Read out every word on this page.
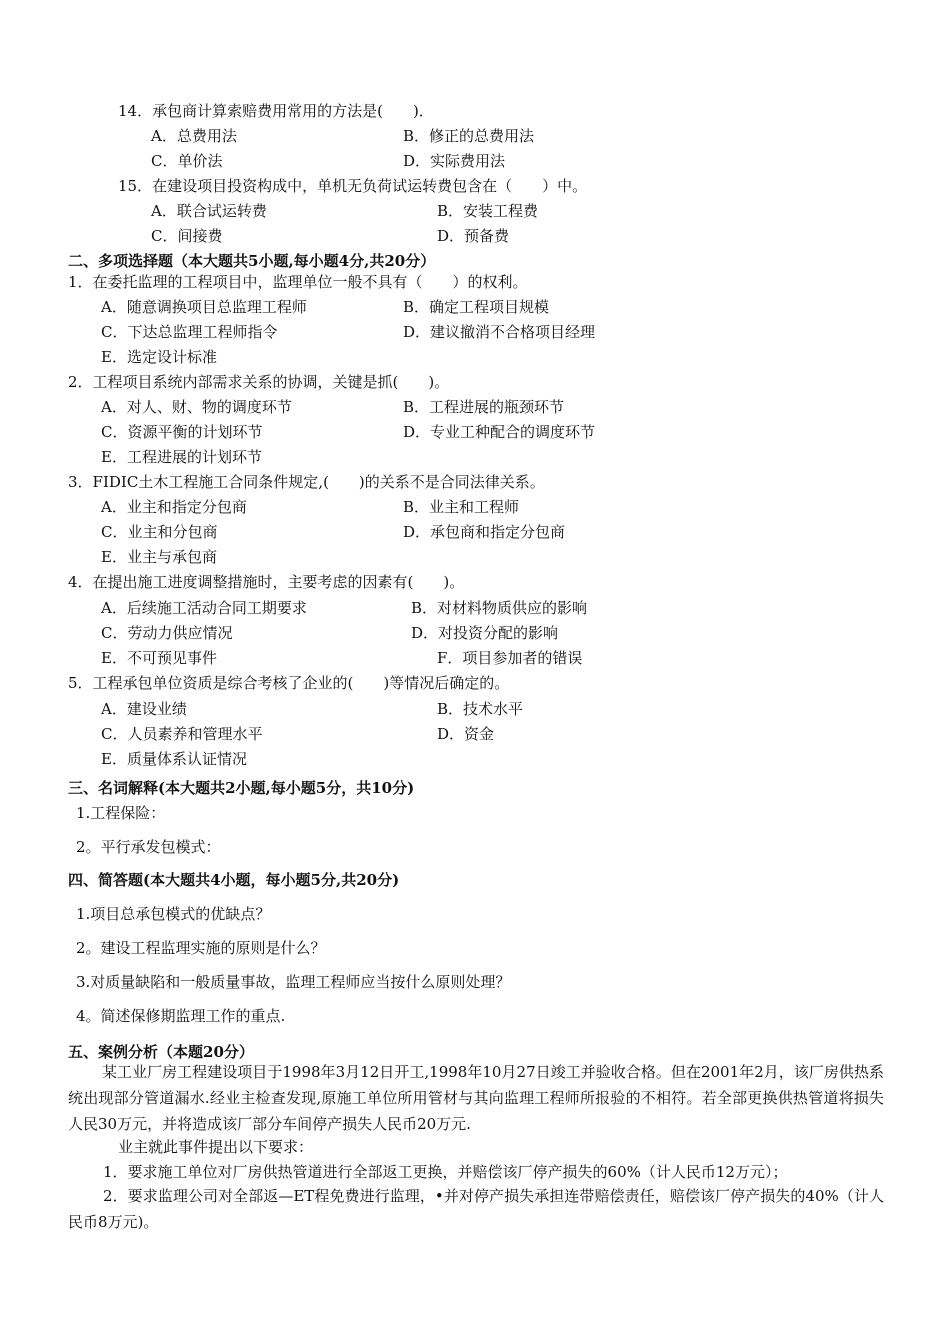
14．承包商计算索赔费用常用的方法是(　　)．
A．总费用法	B．修正的总费用法
C．单价法	D．实际费用法
15．在建设项目投资构成中，单机无负荷试运转费包含在（　　）中。
A．联合试运转费	B．安装工程费
C．间接费	D．预备费
二、多项选择题（本大题共5小题,每小题4分,共20分）
1．在委托监理的工程项目中，监理单位一般不具有（　　）的权利。
A．随意调换项目总监理工程师	B．确定工程项目规模
C．下达总监理工程师指令	D．建议撤消不合格项目经理
E．选定设计标准
2．工程项目系统内部需求关系的协调，关键是抓(　　)。
A．对人、财、物的调度环节	B．工程进展的瓶颈环节
C．资源平衡的计划环节	D．专业工种配合的调度环节
E．工程进展的计划环节
3．FIDIC土木工程施工合同条件规定,(　　)的关系不是合同法律关系。
A．业主和指定分包商	B．业主和工程师
C．业主和分包商	D．承包商和指定分包商
E．业主与承包商
4．在提出施工进度调整措施时，主要考虑的因素有(　　)。
A．后续施工活动合同工期要求	B．对材料物质供应的影响
C．劳动力供应情况	D．对投资分配的影响
E．不可预见事件	F．项目参加者的错误
5．工程承包单位资质是综合考核了企业的(　　)等情况后确定的。
A．建设业绩	B．技术水平
C．人员素养和管理水平	D．资金
E．质量体系认证情况
三、名词解释(本大题共2小题,每小题5分，共10分)
1.工程保险：
2。平行承发包模式：
四、简答题(本大题共4小题，每小题5分,共20分)
1.项目总承包模式的优缺点？
2。建设工程监理实施的原则是什么？
3.对质量缺陷和一般质量事故，监理工程师应当按什么原则处理？
4。简述保修期监理工作的重点.
五、案例分析（本题20分）
某工业厂房工程建设项目于1998年3月12日开工,1998年10月27日竣工并验收合格。但在2001年2月，该厂房供热系统出现部分管道漏水.经业主检查发现,原施工单位所用管材与其向监理工程师所报验的不相符。若全部更换供热管道将损失人民30万元，并将造成该厂部分车间停产损失人民币20万元.
业主就此事件提出以下要求：
1．要求施工单位对厂房供热管道进行全部返工更换，并赔偿该厂停产损失的60%（计人民币12万元）；
2．要求监理公司对全部返—ET程免费进行监理，•并对停产损失承担连带赔偿责任，赔偿该厂停产损失的40%（计人民币8万元)。
